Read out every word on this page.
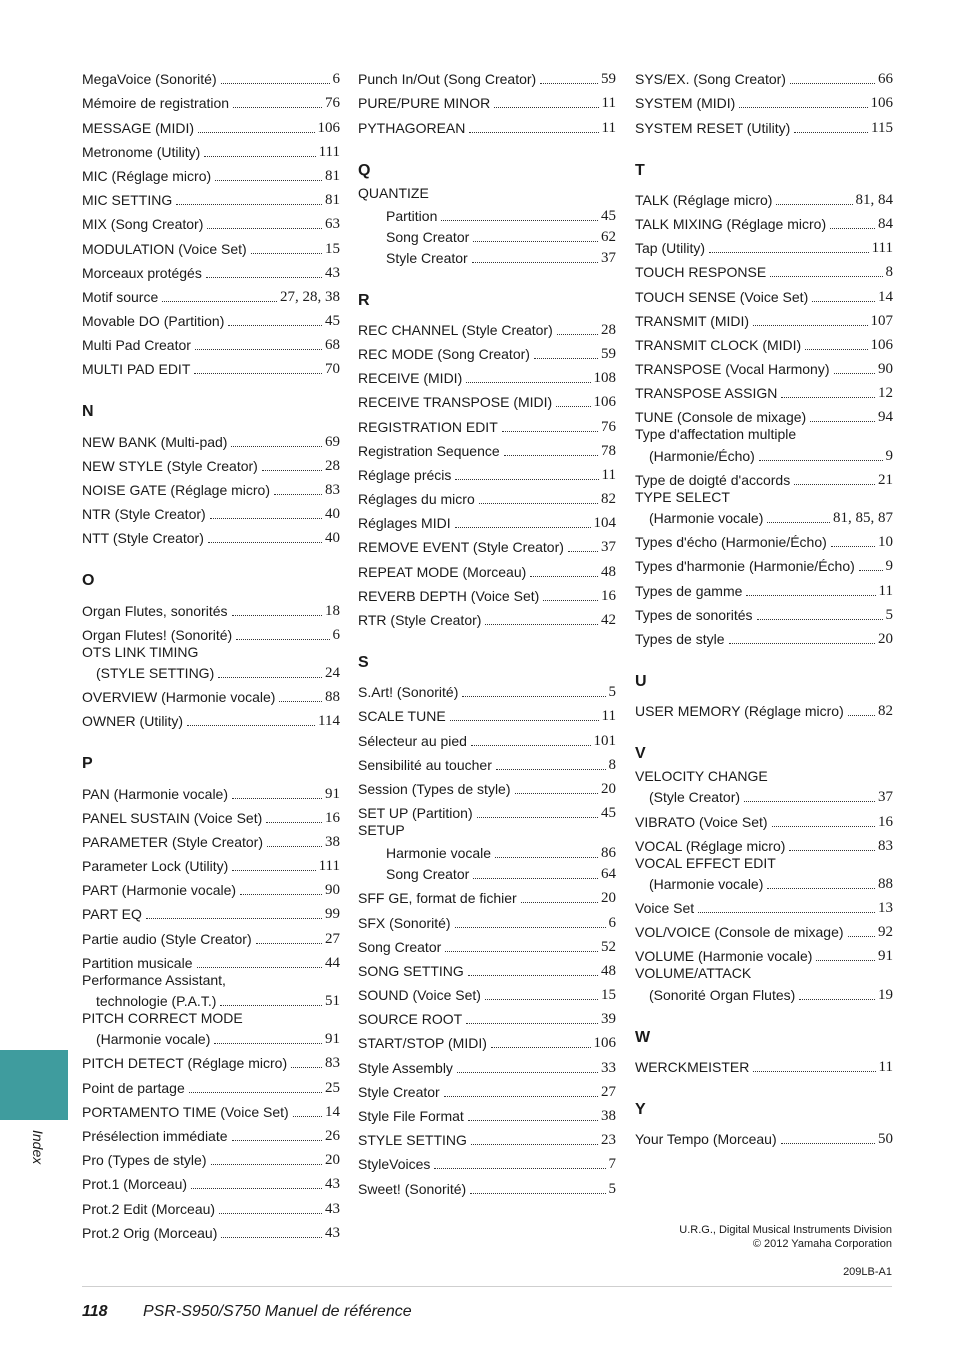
MegaVoice (Sonorité)	6
Mémoire de registration	76
MESSAGE (MIDI)	106
Metronome (Utility)	111
MIC (Réglage micro)	81
MIC SETTING	81
MIX (Song Creator)	63
MODULATION (Voice Set)	15
Morceaux protégés	43
Motif source	27, 28, 38
Movable DO (Partition)	45
Multi Pad Creator	68
MULTI PAD EDIT	70
N
NEW BANK (Multi-pad)	69
NEW STYLE (Style Creator)	28
NOISE GATE (Réglage micro)	83
NTR (Style Creator)	40
NTT (Style Creator)	40
O
Organ Flutes, sonorités	18
Organ Flutes! (Sonorité)	6
OTS LINK TIMING
(STYLE SETTING)	24
OVERVIEW (Harmonie vocale)	88
OWNER (Utility)	114
P
PAN (Harmonie vocale)	91
PANEL SUSTAIN (Voice Set)	16
PARAMETER (Style Creator)	38
Parameter Lock (Utility)	111
PART (Harmonie vocale)	90
PART EQ	99
Partie audio (Style Creator)	27
Partition musicale	44
Performance Assistant,
technologie (P.A.T.)	51
PITCH CORRECT MODE
(Harmonie vocale)	91
PITCH DETECT (Réglage micro)	83
Point de partage	25
PORTAMENTO TIME (Voice Set) 14
Présélection immédiate	26
Pro (Types de style)	20
Prot.1 (Morceau)	43
Prot.2 Edit (Morceau)	43
Prot.2 Orig (Morceau)	43
Punch In/Out (Song Creator)	59
PURE/PURE MINOR	11
PYTHAGOREAN	11
Q
QUANTIZE
Partition	45
Song Creator	62
Style Creator	37
R
REC CHANNEL (Style Creator)	28
REC MODE (Song Creator)	59
RECEIVE (MIDI)	108
RECEIVE TRANSPOSE (MIDI)	106
REGISTRATION EDIT	76
Registration Sequence	78
Réglage précis	11
Réglages du micro	82
Réglages MIDI	104
REMOVE EVENT (Style Creator) 37
REPEAT MODE (Morceau)	48
REVERB DEPTH (Voice Set)	16
RTR (Style Creator)	42
S
S.Art! (Sonorité)	5
SCALE TUNE	11
Sélecteur au pied	101
Sensibilité au toucher	8
Session (Types de style)	20
SET UP (Partition)	45
SETUP
Harmonie vocale	86
Song Creator	64
SFF GE, format de fichier	20
SFX (Sonorité)	6
Song Creator	52
SONG SETTING	48
SOUND (Voice Set)	15
SOURCE ROOT	39
START/STOP (MIDI)	106
Style Assembly	33
Style Creator	27
Style File Format	38
STYLE SETTING	23
StyleVoices	7
Sweet! (Sonorité)	5
SYS/EX. (Song Creator)	66
SYSTEM (MIDI)	106
SYSTEM RESET (Utility)	115
T
TALK (Réglage micro)	81, 84
TALK MIXING (Réglage micro)	84
Tap (Utility)	111
TOUCH RESPONSE	8
TOUCH SENSE (Voice Set)	14
TRANSMIT (MIDI)	107
TRANSMIT CLOCK (MIDI)	106
TRANSPOSE (Vocal Harmony)	90
TRANSPOSE ASSIGN	12
TUNE (Console de mixage)	94
Type d'affectation multiple
(Harmonie/Écho)	9
Type de doigté d'accords	21
TYPE SELECT
(Harmonie vocale)	81, 85, 87
Types d'écho (Harmonie/Écho)	10
Types d'harmonie (Harmonie/Écho) 9
Types de gamme	11
Types de sonorités	5
Types de style	20
U
USER MEMORY (Réglage micro) 82
V
VELOCITY CHANGE
(Style Creator)	37
VIBRATO (Voice Set)	16
VOCAL (Réglage micro)	83
VOCAL EFFECT EDIT
(Harmonie vocale)	88
Voice Set	13
VOL/VOICE (Console de mixage) 92
VOLUME (Harmonie vocale)	91
VOLUME/ATTACK
(Sonorité Organ Flutes)	19
W
WERCKMEISTER	11
Y
Your Tempo (Morceau)	50
Index
U.R.G., Digital Musical Instruments Division
© 2012 Yamaha Corporation
209LB-A1
118 PSR-S950/S750 Manuel de référence
